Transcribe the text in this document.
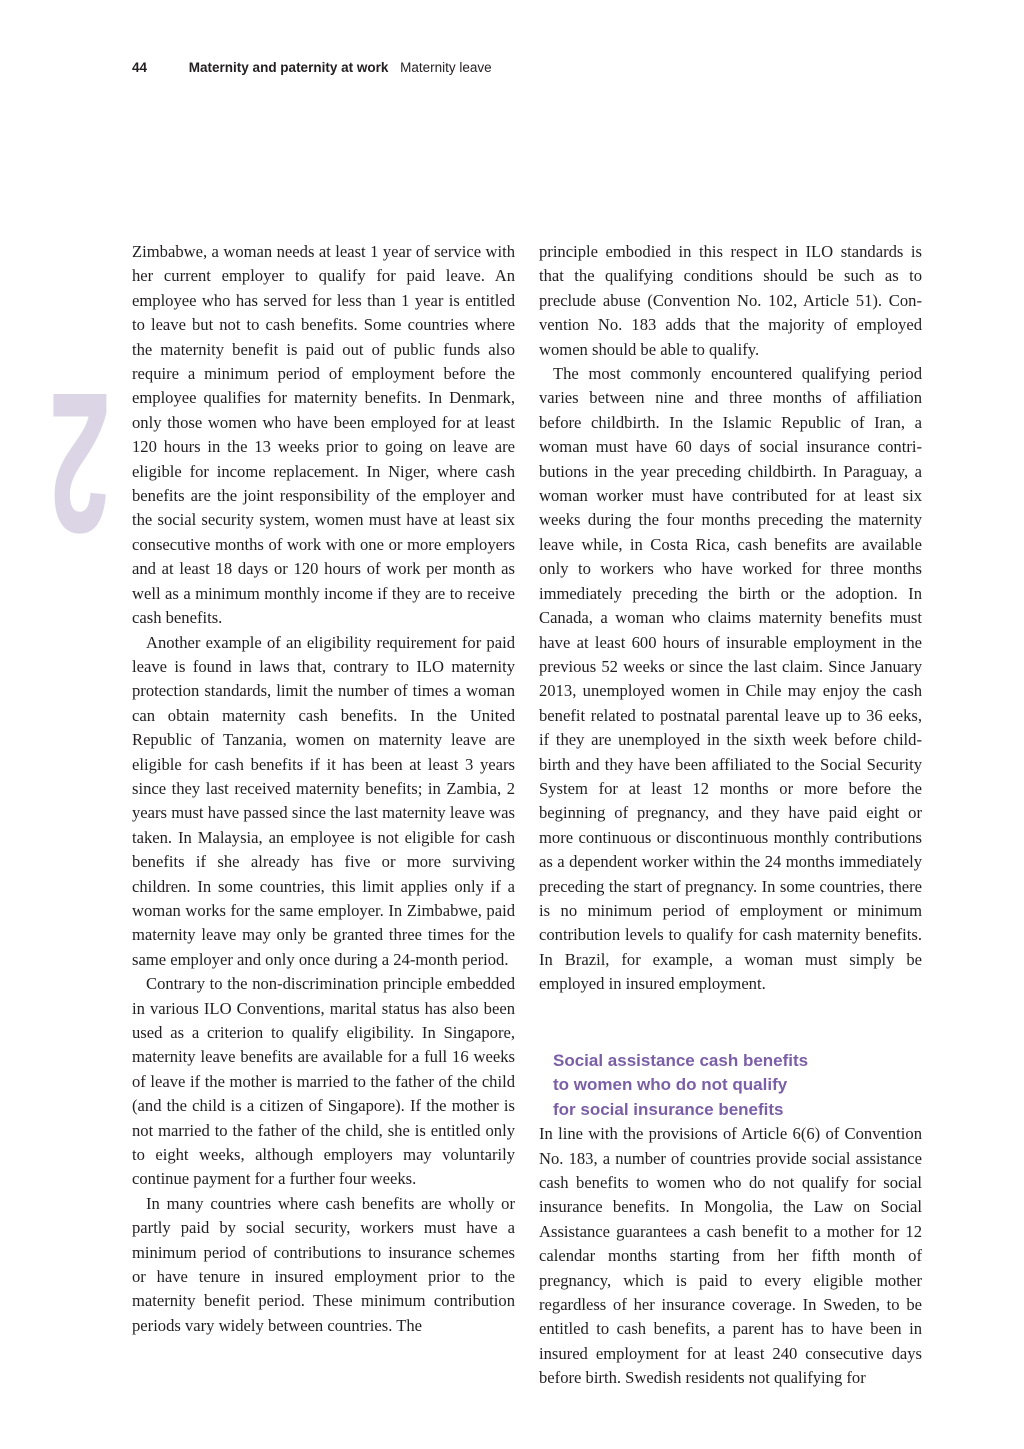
44	Maternity and paternity at work Maternity leave
2

Zimbabwe, a woman needs at least 1 year of service with her current employer to qualify for paid leave. An employee who has served for less than 1 year is entitled to leave but not to cash benefits. Some countries where the maternity benefit is paid out of public funds also require a minimum period of employment before the employee qualifies for maternity benefits. In Denmark, only those women who have been employed for at least 120 hours in the 13 weeks prior to going on leave are eligible for income replacement. In Niger, where cash benefits are the joint responsibility of the employer and the social security system, women must have at least six consecutive months of work with one or more employers and at least 18 days or 120 hours of work per month as well as a minimum monthly income if they are to receive cash benefits.

Another example of an eligibility requirement for paid leave is found in laws that, contrary to ILO maternity protection standards, limit the number of times a woman can obtain maternity cash benefits. In the United Republic of Tanzania, women on maternity leave are eligible for cash benefits if it has been at least 3 years since they last received maternity benefits; in Zambia, 2 years must have passed since the last maternity leave was taken. In Malaysia, an employee is not eligible for cash benefits if she already has five or more surviving children. In some countries, this limit applies only if a woman works for the same employer. In Zimbabwe, paid maternity leave may only be granted three times for the same employer and only once during a 24-month period.

Contrary to the non-discrimination principle embedded in various ILO Conventions, marital status has also been used as a criterion to qualify eligibility. In Singapore, maternity leave benefits are available for a full 16 weeks of leave if the mother is married to the father of the child (and the child is a citizen of Singapore). If the mother is not married to the father of the child, she is entitled only to eight weeks, although employers may voluntarily continue payment for a further four weeks.

In many countries where cash benefits are wholly or partly paid by social security, workers must have a minimum period of contributions to insurance schemes or have tenure in insured employment prior to the maternity benefit period. These minimum contribution periods vary widely between countries. The

principle embodied in this respect in ILO standards is that the qualifying conditions should be such as to preclude abuse (Convention No. 102, Article 51). Convention No. 183 adds that the majority of employed women should be able to qualify.

The most commonly encountered qualifying period varies between nine and three months of affiliation before childbirth. In the Islamic Republic of Iran, a woman must have 60 days of social insurance contributions in the year preceding childbirth. In Paraguay, a woman worker must have contributed for at least six weeks during the four months preceding the maternity leave while, in Costa Rica, cash benefits are available only to workers who have worked for three months immediately preceding the birth or the adoption. In Canada, a woman who claims maternity benefits must have at least 600 hours of insurable employment in the previous 52 weeks or since the last claim. Since January 2013, unemployed women in Chile may enjoy the cash benefit related to postnatal parental leave up to 36 eeks, if they are unemployed in the sixth week before childbirth and they have been affiliated to the Social Security System for at least 12 months or more before the beginning of pregnancy, and they have paid eight or more continuous or discontinuous monthly contributions as a dependent worker within the 24 months immediately preceding the start of pregnancy. In some countries, there is no minimum period of employment or minimum contribution levels to qualify for cash maternity benefits. In Brazil, for example, a woman must simply be employed in insured employment.

Social assistance cash benefits
to women who do not qualify
for social insurance benefits

In line with the provisions of Article 6(6) of Convention No. 183, a number of countries provide social assistance cash benefits to women who do not qualify for social insurance benefits. In Mongolia, the Law on Social Assistance guarantees a cash benefit to a mother for 12 calendar months starting from her fifth month of pregnancy, which is paid to every eligible mother regardless of her insurance coverage. In Sweden, to be entitled to cash benefits, a parent has to have been in insured employment for at least 240 consecutive days before birth. Swedish residents not qualifying for
